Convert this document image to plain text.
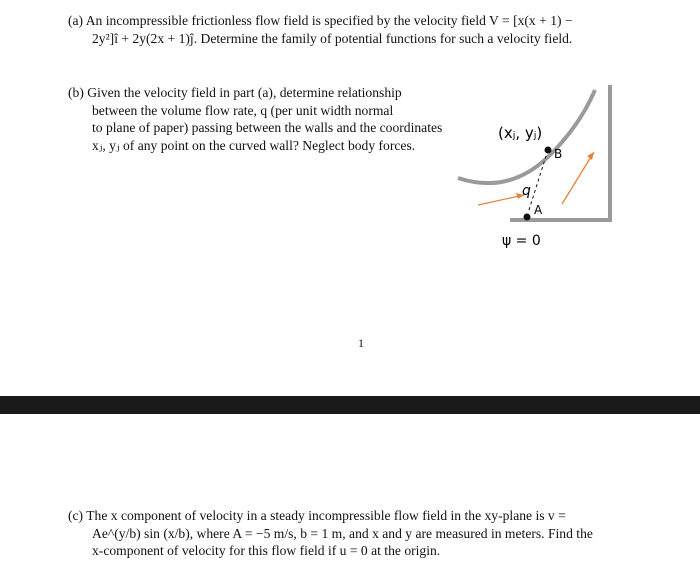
(a) An incompressible frictionless flow field is specified by the velocity field V = [x(x + 1) −
2y²]î + 2y(2x + 1)ĵ. Determine the family of potential functions for such a velocity field.

(b) Given the velocity field in part (a), determine relationship
between the volume flow rate, q (per unit width normal
to plane of paper) passing between the walls and the coordinates
xⱼ, yⱼ of any point on the curved wall? Neglect body forces.

(xⱼ, yⱼ)
B
q
A
ψ = 0
1

(c) The x component of velocity in a steady incompressible flow field in the xy-plane is v =
Ae^(y/b) sin (x/b), where A = −5 m/s, b = 1 m, and x and y are measured in meters. Find the
x-component of velocity for this flow field if u = 0 at the origin.
